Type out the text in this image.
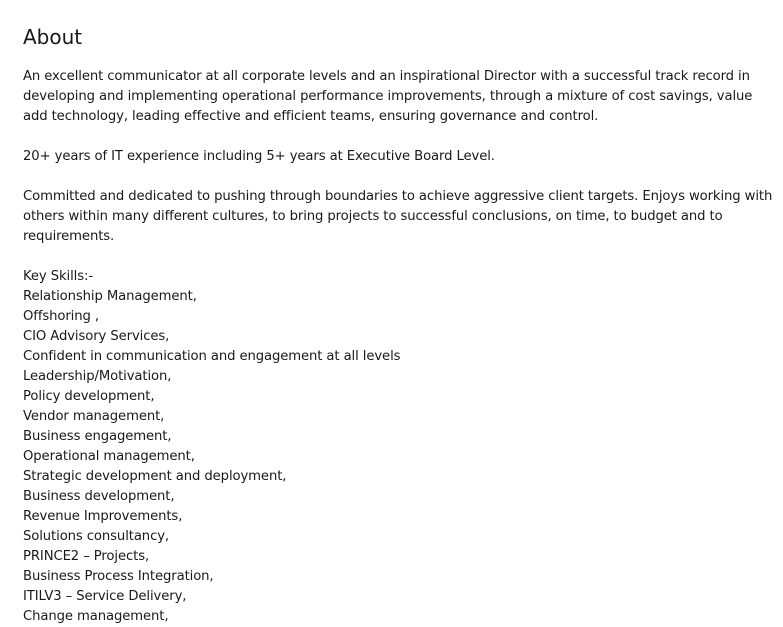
About

An excellent communicator at all corporate levels and an inspirational Director with a successful track record in developing and implementing operational performance improvements, through a mixture of cost savings, value add technology, leading effective and efficient teams, ensuring governance and control.

20+ years of IT experience including 5+ years at Executive Board Level.

Committed and dedicated to pushing through boundaries to achieve aggressive client targets. Enjoys working with others within many different cultures, to bring projects to successful conclusions, on time, to budget and to requirements.

Key Skills:-

Relationship Management,
Offshoring ,
CIO Advisory Services,
Confident in communication and engagement at all levels
Leadership/Motivation,
Policy development,
Vendor management,
Business engagement,
Operational management,
Strategic development and deployment,
Business development,
Revenue Improvements,
Solutions consultancy,
PRINCE2 – Projects,
Business Process Integration,
ITILV3 – Service Delivery,
Change management,
